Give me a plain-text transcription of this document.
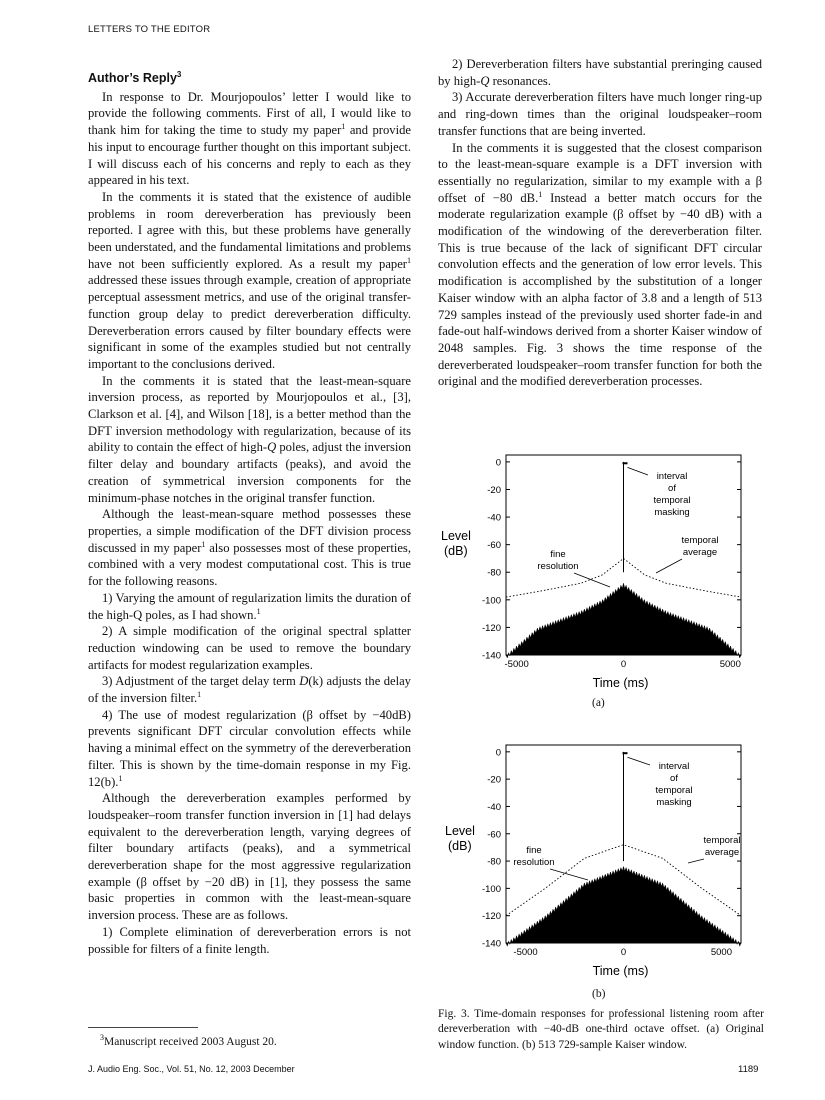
LETTERS TO THE EDITOR
Author’s Reply$^3$

In response to Dr. Mourjopoulos’ letter I would like to provide the following comments. First of all, I would like to thank him for taking the time to study my paper$^1$ and provide his input to encourage further thought on this important subject. I will discuss each of his concerns and reply to each as they appeared in his text.

In the comments it is stated that the existence of audible problems in room dereverberation has previously been reported. I agree with this, but these problems have generally been understated, and the fundamental limitations and problems have not been sufficiently explored. As a result my paper$^1$ addressed these issues through example, creation of appropriate perceptual assessment metrics, and use of the original transfer-function group delay to predict dereverberation difficulty. Dereverberation errors caused by filter boundary effects were significant in some of the examples studied but not centrally important to the conclusions derived.

In the comments it is stated that the least-mean-square inversion process, as reported by Mourjopoulos et al., [3], Clarkson et al. [4], and Wilson [18], is a better method than the DFT inversion methodology with regularization, because of its ability to contain the effect of high-Q poles, adjust the inversion filter delay and boundary artifacts (peaks), and avoid the creation of symmetrical inversion components for the minimum-phase notches in the original transfer function.

Although the least-mean-square method possesses these properties, a simple modification of the DFT division process discussed in my paper$^1$ also possesses most of these properties, combined with a very modest computational cost. This is true for the following reasons.

1) Varying the amount of regularization limits the duration of the high-Q poles, as I had shown.$^1$

2) A simple modification of the original spectral splatter reduction windowing can be used to remove the boundary artifacts for modest regularization examples.

3) Adjustment of the target delay term D(k) adjusts the delay of the inversion filter.$^1$

4) The use of modest regularization (β offset by −40dB) prevents significant DFT circular convolution effects while having a minimal effect on the symmetry of the dereverberation filter. This is shown by the time-domain response in my Fig. 12(b).$^1$

Although the dereverberation examples performed by loudspeaker–room transfer function inversion in [1] had delays equivalent to the dereverberation length, varying degrees of filter boundary artifacts (peaks), and a symmetrical dereverberation shape for the most aggressive regularization example (β offset by −20 dB) in [1], they possess the same basic properties in common with the least-mean-square inversion process. These are as follows.

1) Complete elimination of dereverberation errors is not possible for filters of a finite length.

2) Dereverberation filters have substantial preringing caused by high-Q resonances.

3) Accurate dereverberation filters have much longer ring-up and ring-down times than the original loudspeaker–room transfer functions that are being inverted.

In the comments it is suggested that the closest comparison to the least-mean-square example is a DFT inversion with essentially no regularization, similar to my example with a β offset of −80 dB.$^1$ Instead a better match occurs for the moderate regularization example (β offset by −40 dB) with a modification of the windowing of the dereverberation filter. This is true because of the lack of significant DFT circular convolution effects and the generation of low error levels. This modification is accomplished by the substitution of a longer Kaiser window with an alpha factor of 3.8 and a length of 513 729 samples instead of the previously used shorter fade-in and fade-out half-windows derived from a shorter Kaiser window of 2048 samples. Fig. 3 shows the time response of the dereverberated loudspeaker–room transfer function for both the original and the modified dereverberation processes.

0
-20
-40
-60
-80
-100
-120
-140
-5000	0	5000
Level
(dB)
Time (ms)
interval
of
temporal
masking
temporal
average
fine
resolution
(a)
0
-20
-40
-60
-80
-100
-120
-140
-5000	0	5000
Level
(dB)
Time (ms)
interval
of
temporal
masking
temporal
average
fine
resolution
(b)
Fig. 3. Time-domain responses for professional listening room after dereverberation with −40-dB one-third octave offset. (a) Original window function. (b) 513 729-sample Kaiser window.
$^3$Manuscript received 2003 August 20.
J. Audio Eng. Soc., Vol. 51, No. 12, 2003 December	1189
